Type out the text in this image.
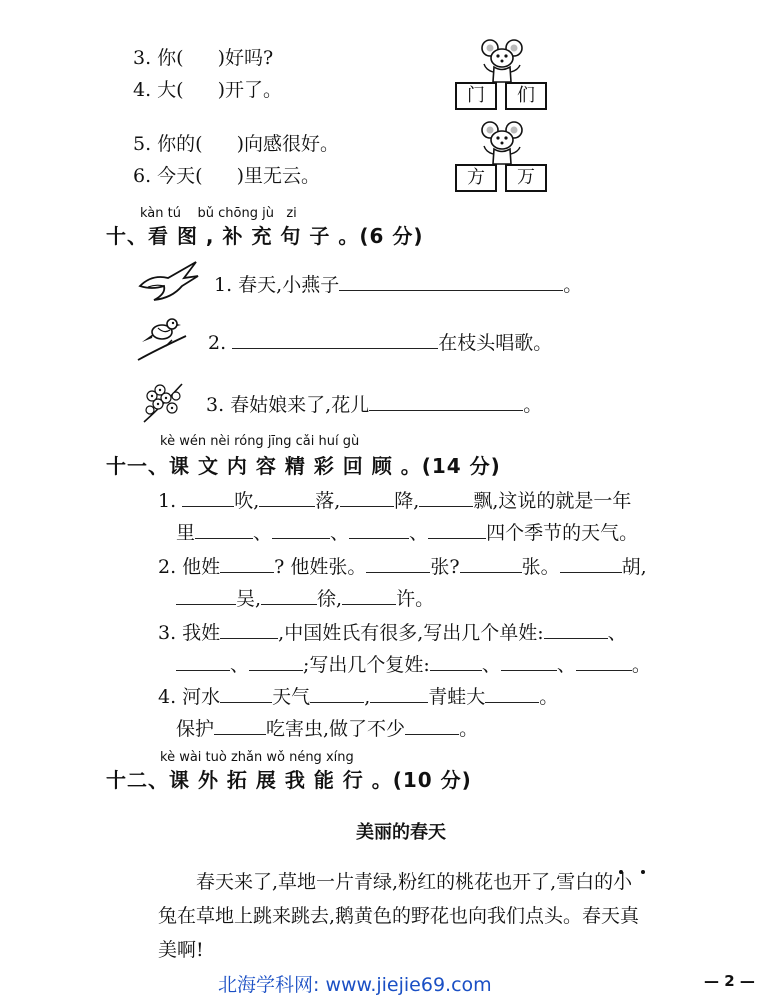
3. 你( )好吗?
4. 大( )开了。
5. 你的( )向感很好。
6. 今天( )里无云。
门	们
方	万
kàn tú    bǔ chōng jù   zi
十、看 图 , 补 充 句 子 。(6 分)
1. 春天,小燕子	。
2.	在枝头唱歌。
3. 春姑娘来了,花儿	。
kè wén nèi róng jīng cǎi huí gù
十一、课 文 内 容 精 彩 回 顾 。(14 分)
1.	吹,	落,	降,	飘,这说的就是一年
里	、	、	、	四个季节的天气。
2. 他姓	? 他姓张。	张?	张。	胡,
吴,	徐,	许。
3. 我姓	,中国姓氏有很多,写出几个单姓:	、
、	;写出几个复姓:	、	、	。
4. 河水	天气	,	青蛙大	。
保护	吃害虫,做了不少	。
kè wài tuò zhǎn wǒ néng xíng
十二、课 外 拓 展 我 能 行 。(10 分)
美丽的春天
春天来了,草地一片青绿,粉红的桃花也开了,雪白的小
兔在草地上跳来跳去,鹅黄色的野花也向我们点头。春天真
美啊!
北海学科网: www.jiejie69.com	— 2 —
